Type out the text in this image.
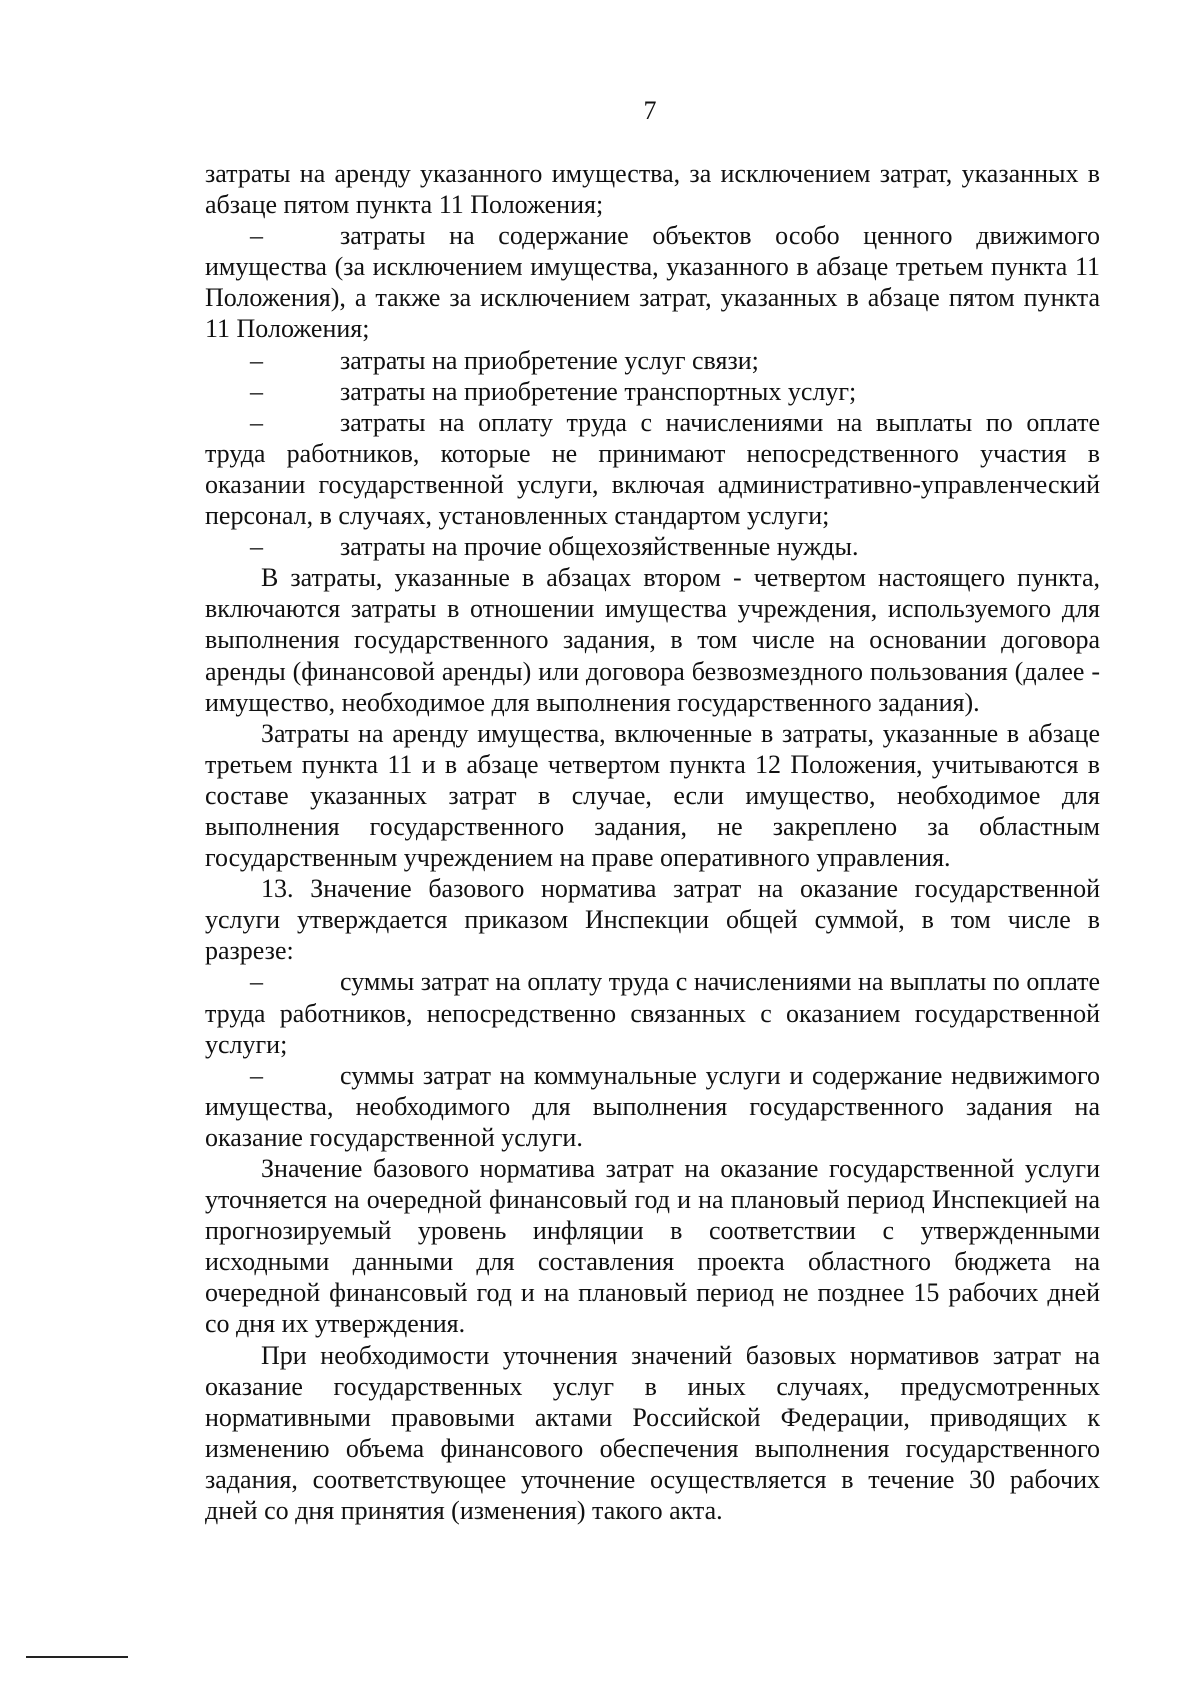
7

затраты на аренду указанного имущества, за исключением затрат, указанных в абзаце пятом пункта 11 Положения;

–	затраты на содержание объектов особо ценного движимого имущества (за исключением имущества, указанного в абзаце третьем пункта 11 Положения), а также за исключением затрат, указанных в абзаце пятом пункта 11 Положения;

–	затраты на приобретение услуг связи;

–	затраты на приобретение транспортных услуг;

–	затраты на оплату труда с начислениями на выплаты по оплате труда работников, которые не принимают непосредственного участия в оказании государственной услуги, включая административно-управленческий персонал, в случаях, установленных стандартом услуги;

–	затраты на прочие общехозяйственные нужды.

В затраты, указанные в абзацах втором - четвертом настоящего пункта, включаются затраты в отношении имущества учреждения, используемого для выполнения государственного задания, в том числе на основании договора аренды (финансовой аренды) или договора безвозмездного пользования (далее - имущество, необходимое для выполнения государственного задания).

Затраты на аренду имущества, включенные в затраты, указанные в абзаце третьем пункта 11 и в абзаце четвертом пункта 12 Положения, учитываются в составе указанных затрат в случае, если имущество, необходимое для выполнения государственного задания, не закреплено за областным государственным учреждением на праве оперативного управления.

13. Значение базового норматива затрат на оказание государственной услуги утверждается приказом Инспекции общей суммой, в том числе в разрезе:

–	суммы затрат на оплату труда с начислениями на выплаты по оплате труда работников, непосредственно связанных с оказанием государственной услуги;

–	суммы затрат на коммунальные услуги и содержание недвижимого имущества, необходимого для выполнения государственного задания на оказание государственной услуги.

Значение базового норматива затрат на оказание государственной услуги уточняется на очередной финансовый год и на плановый период Инспекцией на прогнозируемый уровень инфляции в соответствии с утвержденными исходными данными для составления проекта областного бюджета на очередной финансовый год и на плановый период не позднее 15 рабочих дней со дня их утверждения.

При необходимости уточнения значений базовых нормативов затрат на оказание государственных услуг в иных случаях, предусмотренных нормативными правовыми актами Российской Федерации, приводящих к изменению объема финансового обеспечения выполнения государственного задания, соответствующее уточнение осуществляется в течение 30 рабочих дней со дня принятия (изменения) такого акта.
